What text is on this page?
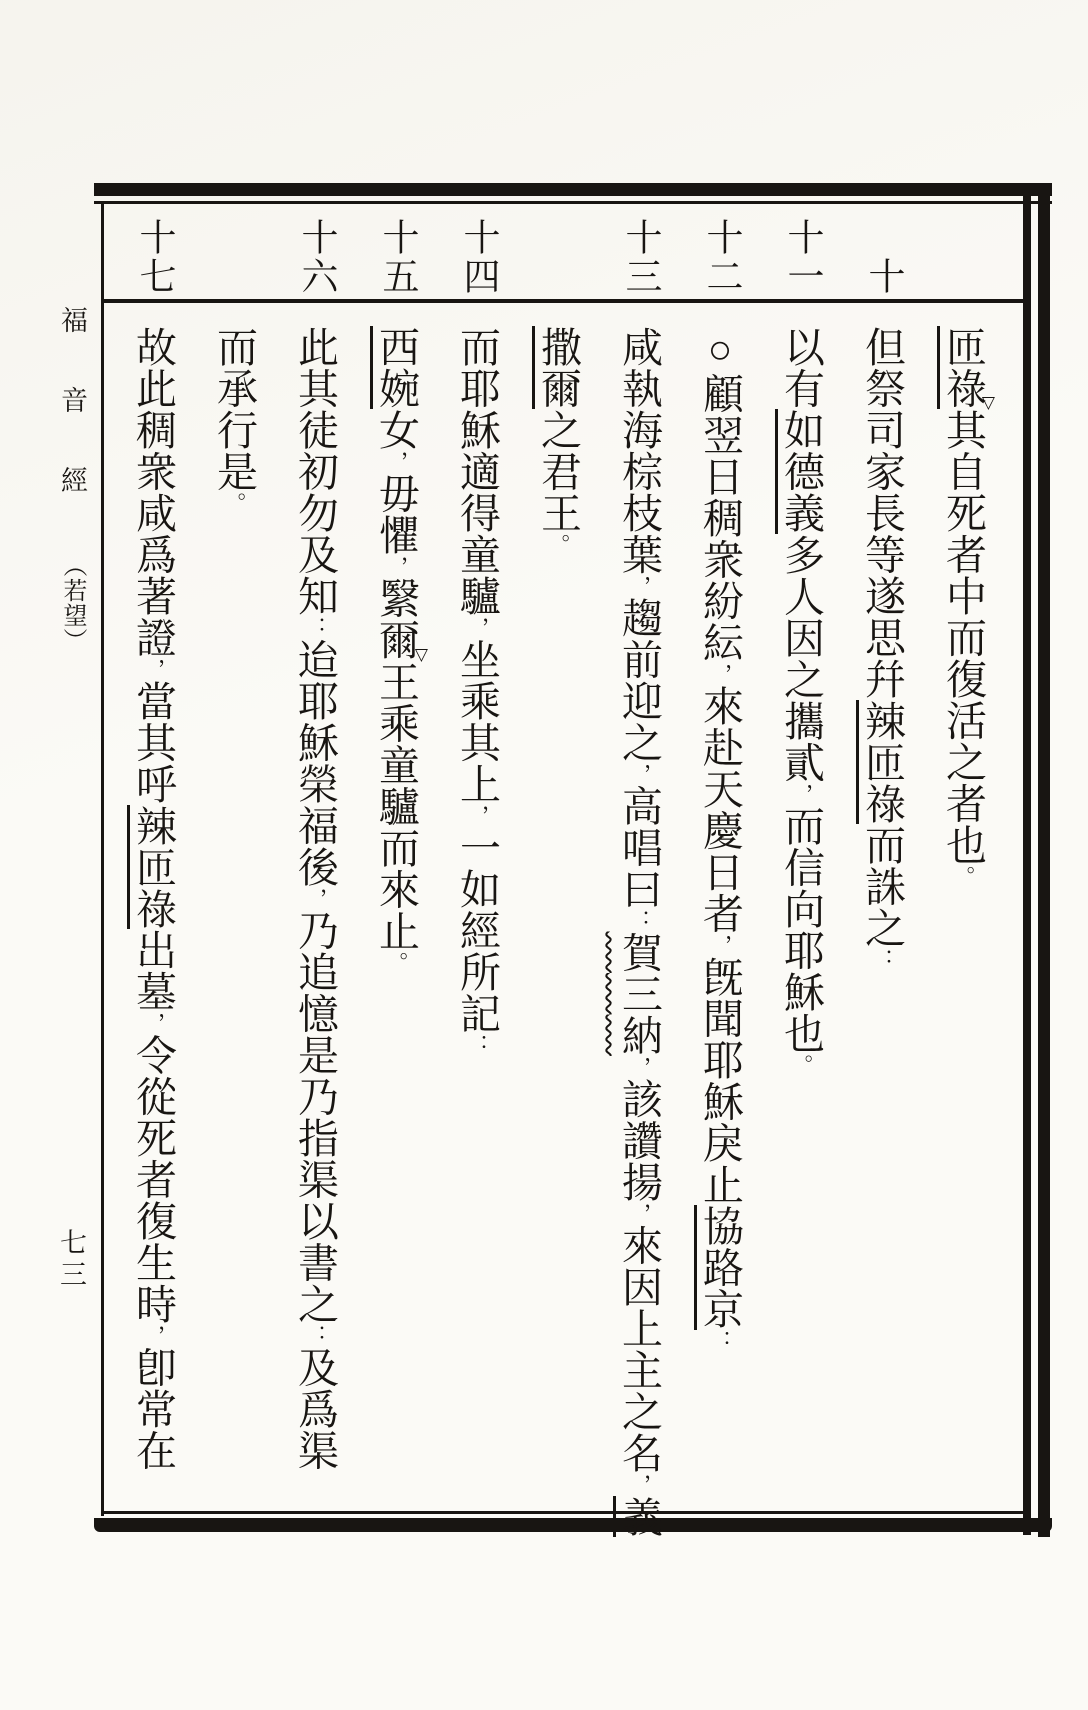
福音經 （若望）
七三

十
十一
十二
十三

十四
十五
十六

十七
匝祿其自死者中而復活之者也。
但祭司家長等遂思幷辣匝祿而誅之：
以有如德義多人因之攜貳，而信向耶穌也。
○顧翌日稠衆紛紜，來赴天慶日者，旣聞耶穌戾止協路京：
咸執海棕枝葉，趨前迎之，高唱曰：賀三納，該讚揚，來因上主之名，義
撒爾之君王。
而耶穌適得童驢，坐乘其上，一如經所記：
西婉女，毋懼，繄爾王乘童驢而來止。
此其徒初勿及知：迨耶穌榮福後，乃追憶是乃指渠以書之：及爲渠
而承行是。
故此稠衆咸爲著證，當其呼辣匝祿出墓，令從死者復生時，卽常在
